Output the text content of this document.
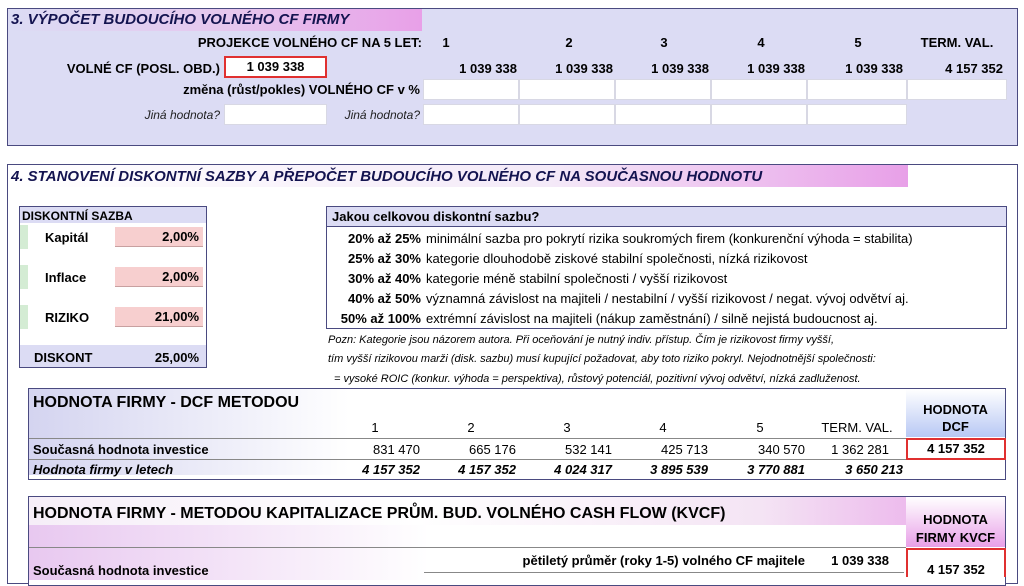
3. VÝPOČET BUDOUCÍHO VOLNÉHO CF FIRMY
PROJEKCE VOLNÉHO CF NA 5 LET:	1	2	3	4	5	TERM. VAL.
VOLNÉ CF (POSL. OBD.)	1 039 338	1 039 338	1 039 338	1 039 338	1 039 338	1 039 338	4 157 352
změna (růst/pokles) VOLNÉHO CF v %
Jiná hodnota?	Jiná hodnota?
4. STANOVENÍ DISKONTNÍ SAZBY A PŘEPOČET BUDOUCÍHO VOLNÉHO CF NA SOUČASNOU HODNOTU
DISKONTNÍ SAZBA
Kapitál	2,00%
Inflace	2,00%
RIZIKO	21,00%
DISKONT	25,00%
Jakou celkovou diskontní sazbu?
20% až 25% minimální sazba pro pokrytí rizika soukromých firem (konkurenční výhoda = stabilita)
25% až 30% kategorie dlouhodobě ziskové stabilní společnosti, nízká rizikovost
30% až 40% kategorie méně stabilní společnosti / vyšší rizikovost
40% až 50% významná závislost na majiteli / nestabilní / vyšší rizikovost / negat. vývoj odvětví aj.
50% až 100% extrémní závislost na majiteli (nákup zaměstnání) / silně nejistá budoucnost aj.
Pozn: Kategorie jsou názorem autora. Při oceňování je nutný indiv. přístup. Čím je rizikovost firmy vyšší,
tím vyšší rizikovou marži (disk. sazbu) musí kupující požadovat, aby toto riziko pokryl. Nejodnotnější společnosti:
= vysoké ROIC (konkur. výhoda = perspektiva), růstový potenciál, pozitivní vývoj odvětví, nízká zadluženost.
HODNOTA FIRMY - DCF METODOU	HODNOTA
DCF
1	2	3	4	5	TERM. VAL.
Současná hodnota investice	831 470	665 176	532 141	425 713	340 570	1 362 281	4 157 352
Hodnota firmy v letech	4 157 352	4 157 352	4 024 317	3 895 539	3 770 881	3 650 213
HODNOTA FIRMY - METODOU KAPITALIZACE PRŮM. BUD. VOLNÉHO CASH FLOW (KVCF)	HODNOTA
FIRMY KVCF
pětiletý průměr (roky 1-5) volného CF majitele	1 039 338
Současná hodnota investice	4 157 352
